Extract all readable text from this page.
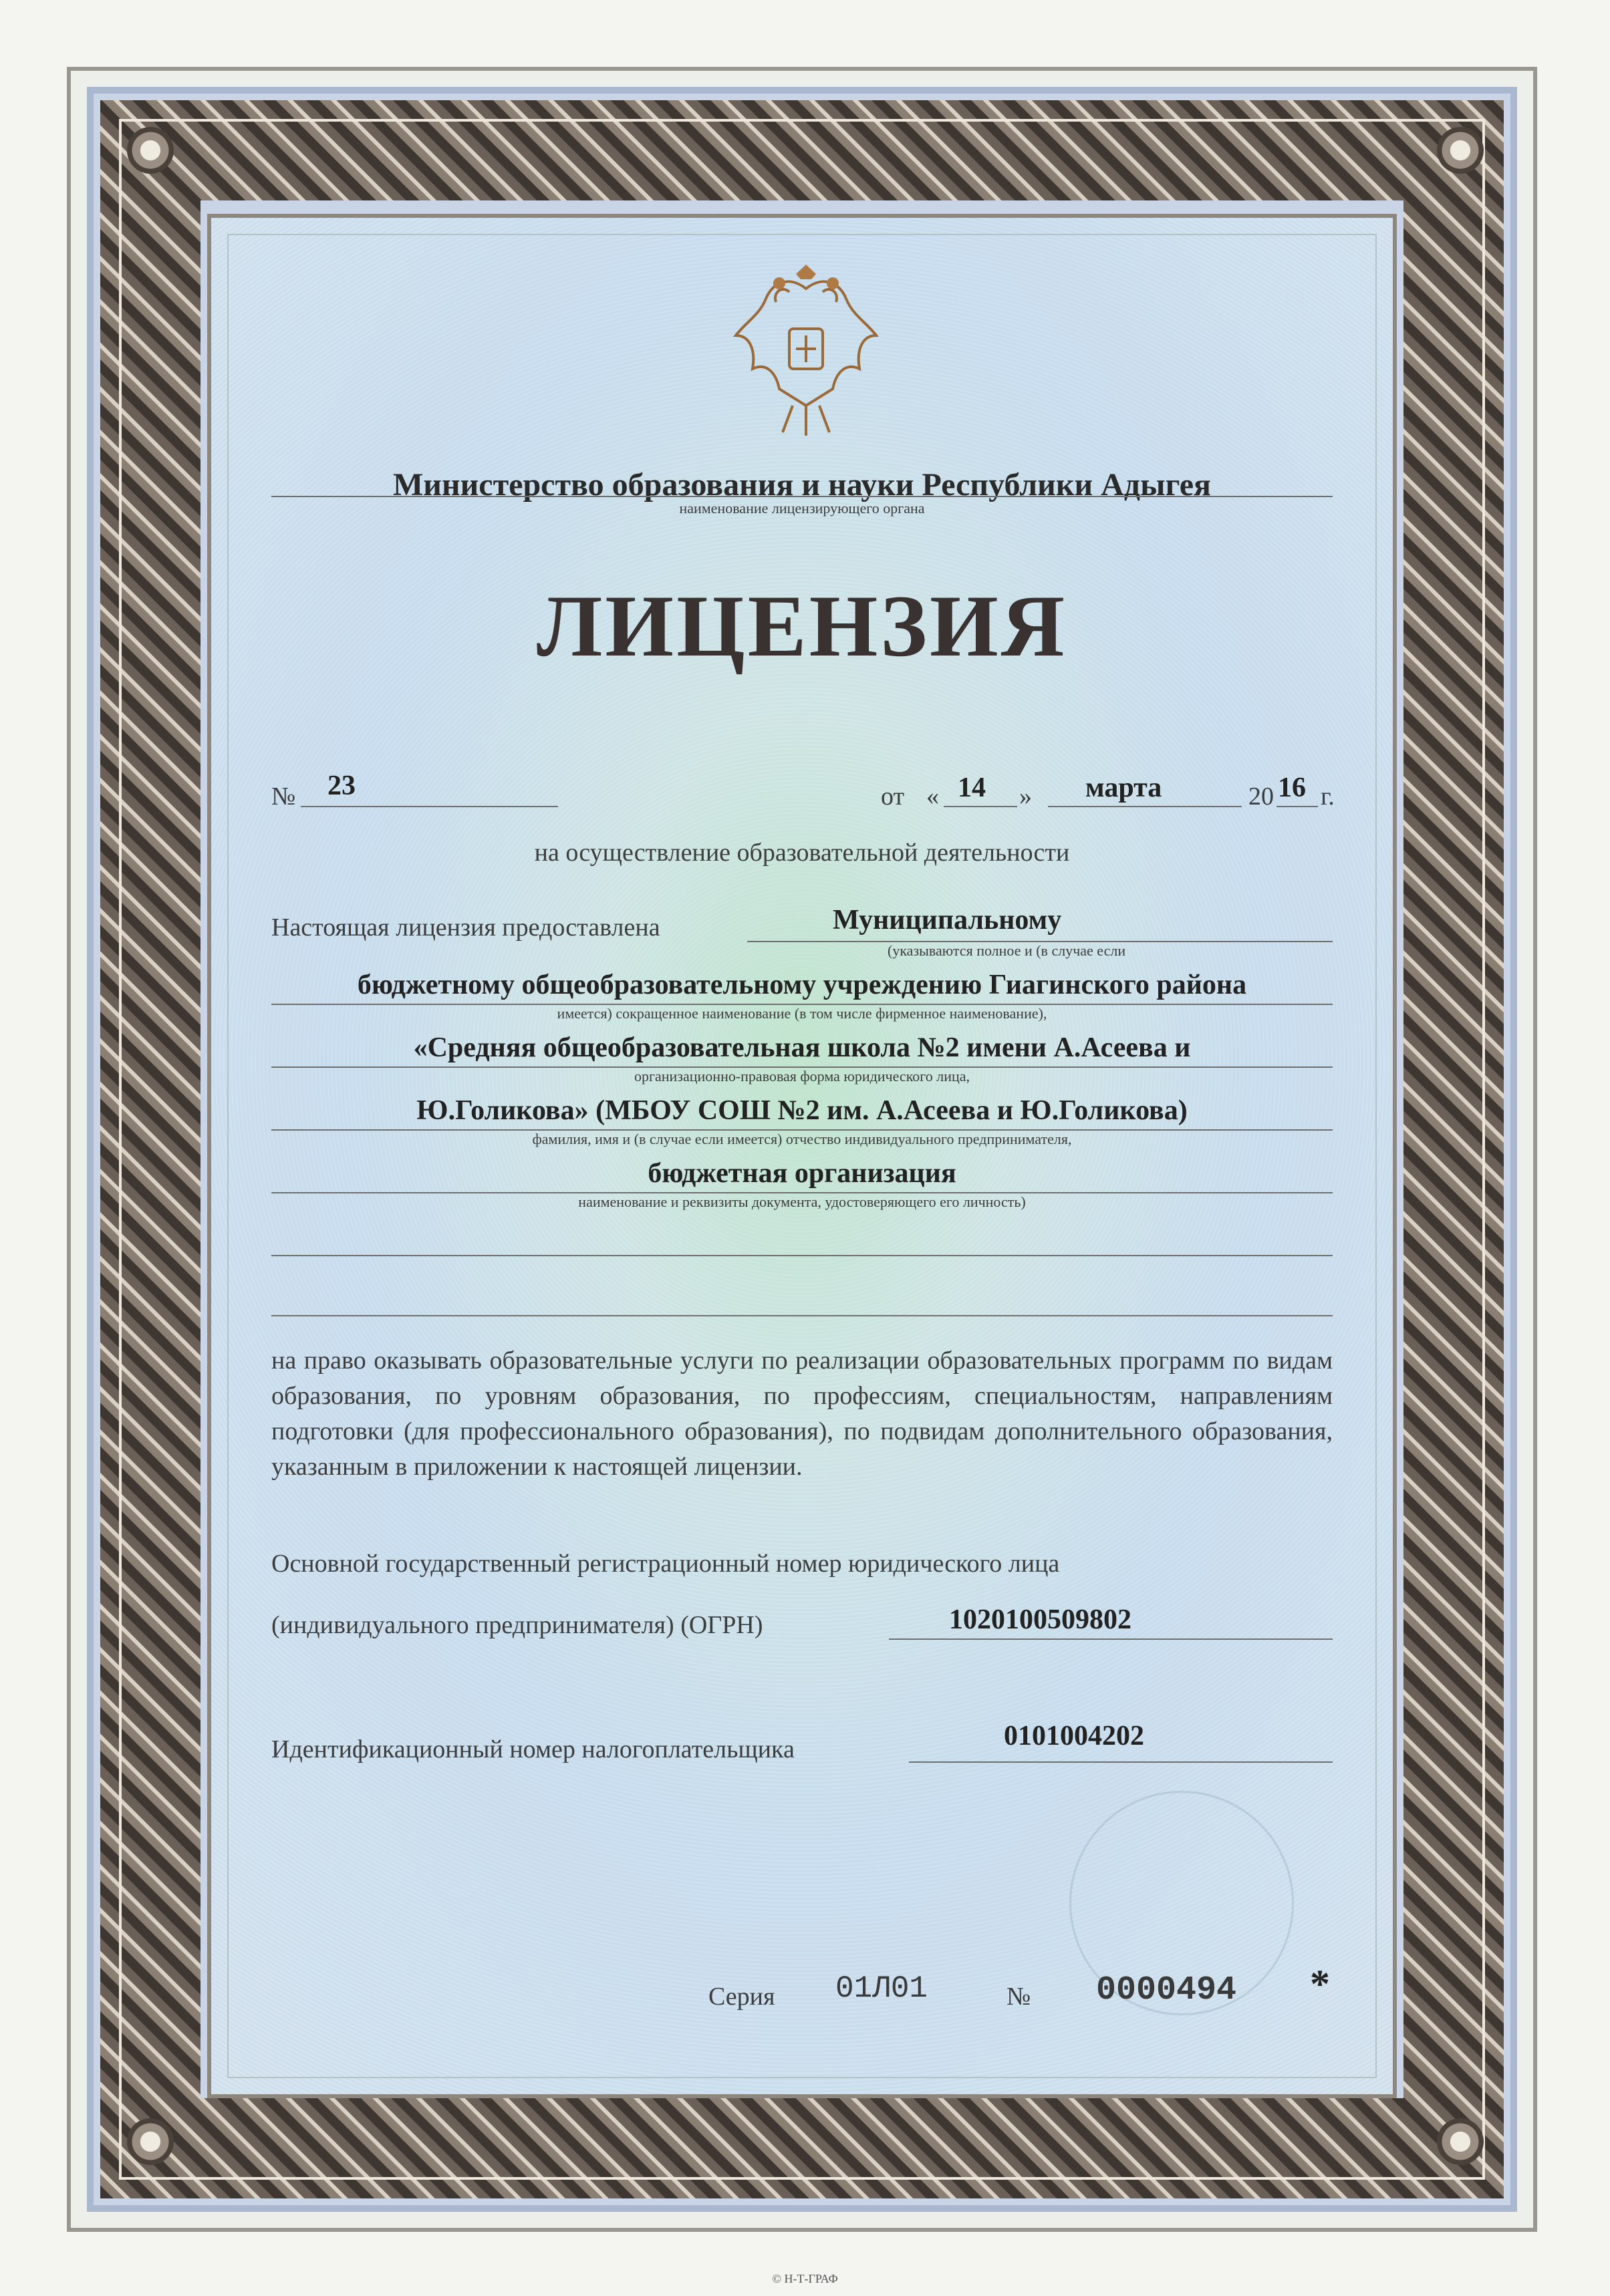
Министерство образования и науки Республики Адыгея
наименование лицензирующего органа
ЛИЦЕНЗИЯ
№ 23	от « 14 » марта	20 16 г.
на осуществление образовательной деятельности
Настоящая лицензия предоставлена	Муниципальному
(указываются полное и (в случае если
бюджетному общеобразовательному учреждению Гиагинского района
имеется) сокращенное наименование (в том числе фирменное наименование),
«Средняя общеобразовательная школа №2 имени А.Асеева и
организационно-правовая форма юридического лица,
Ю.Голикова» (МБОУ СОШ №2 им. А.Асеева и Ю.Голикова)
фамилия, имя и (в случае если имеется) отчество индивидуального предпринимателя,
бюджетная организация
наименование и реквизиты документа, удостоверяющего его личность)
на право оказывать образовательные услуги по реализации образовательных программ по видам образования, по уровням образования, по профессиям, специальностям, направлениям подготовки (для профессионального образования), по подвидам дополнительного образования, указанным в приложении к настоящей лицензии.
Основной государственный регистрационный номер юридического лица
(индивидуального предпринимателя) (ОГРН)	1020100509802
Идентификационный номер налогоплательщика	0101004202
Серия 01Л01	№ 0000494 *
© Н-Т-ГРАФ
